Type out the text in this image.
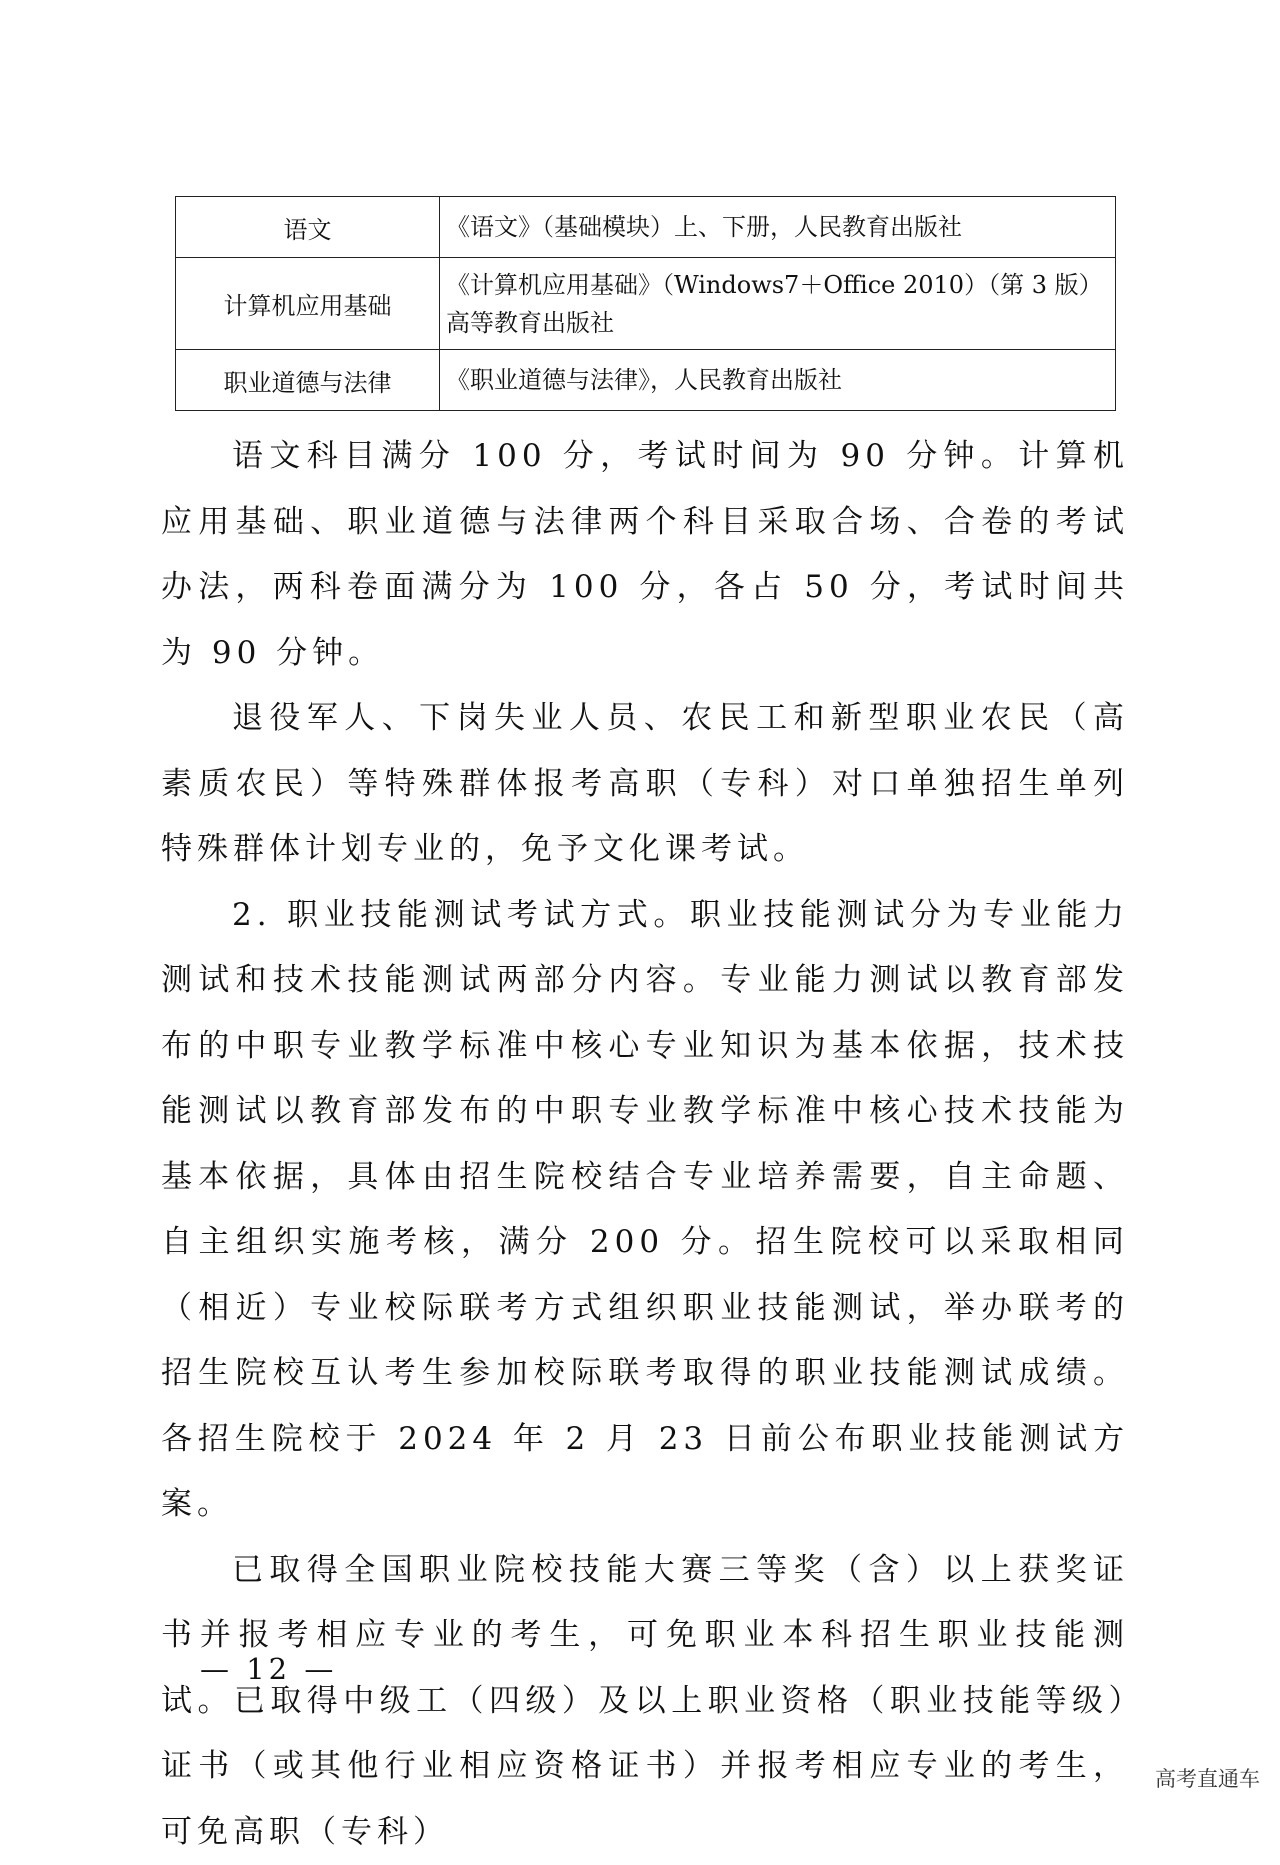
语文	《语文》（基础模块）上、下册，人民教育出版社
计算机应用基础	《计算机应用基础》（Windows7＋Office 2010）（第 3 版）高等教育出版社
职业道德与法律	《职业道德与法律》，人民教育出版社

语文科目满分 100 分，考试时间为 90 分钟。计算机应用基础、职业道德与法律两个科目采取合场、合卷的考试办法，两科卷面满分为 100 分，各占 50 分，考试时间共为 90 分钟。

退役军人、下岗失业人员、农民工和新型职业农民（高素质农民）等特殊群体报考高职（专科）对口单独招生单列特殊群体计划专业的，免予文化课考试。

2. 职业技能测试考试方式。职业技能测试分为专业能力测试和技术技能测试两部分内容。专业能力测试以教育部发布的中职专业教学标准中核心专业知识为基本依据，技术技能测试以教育部发布的中职专业教学标准中核心技术技能为基本依据，具体由招生院校结合专业培养需要，自主命题、自主组织实施考核，满分 200 分。招生院校可以采取相同（相近）专业校际联考方式组织职业技能测试，举办联考的招生院校互认考生参加校际联考取得的职业技能测试成绩。各招生院校于 2024 年 2 月 23 日前公布职业技能测试方案。

已取得全国职业院校技能大赛三等奖（含）以上获奖证书并报考相应专业的考生，可免职业本科招生职业技能测试。已取得中级工（四级）及以上职业资格（职业技能等级）证书（或其他行业相应资格证书）并报考相应专业的考生，可免高职（专科）

— 12 —
高考直通车
